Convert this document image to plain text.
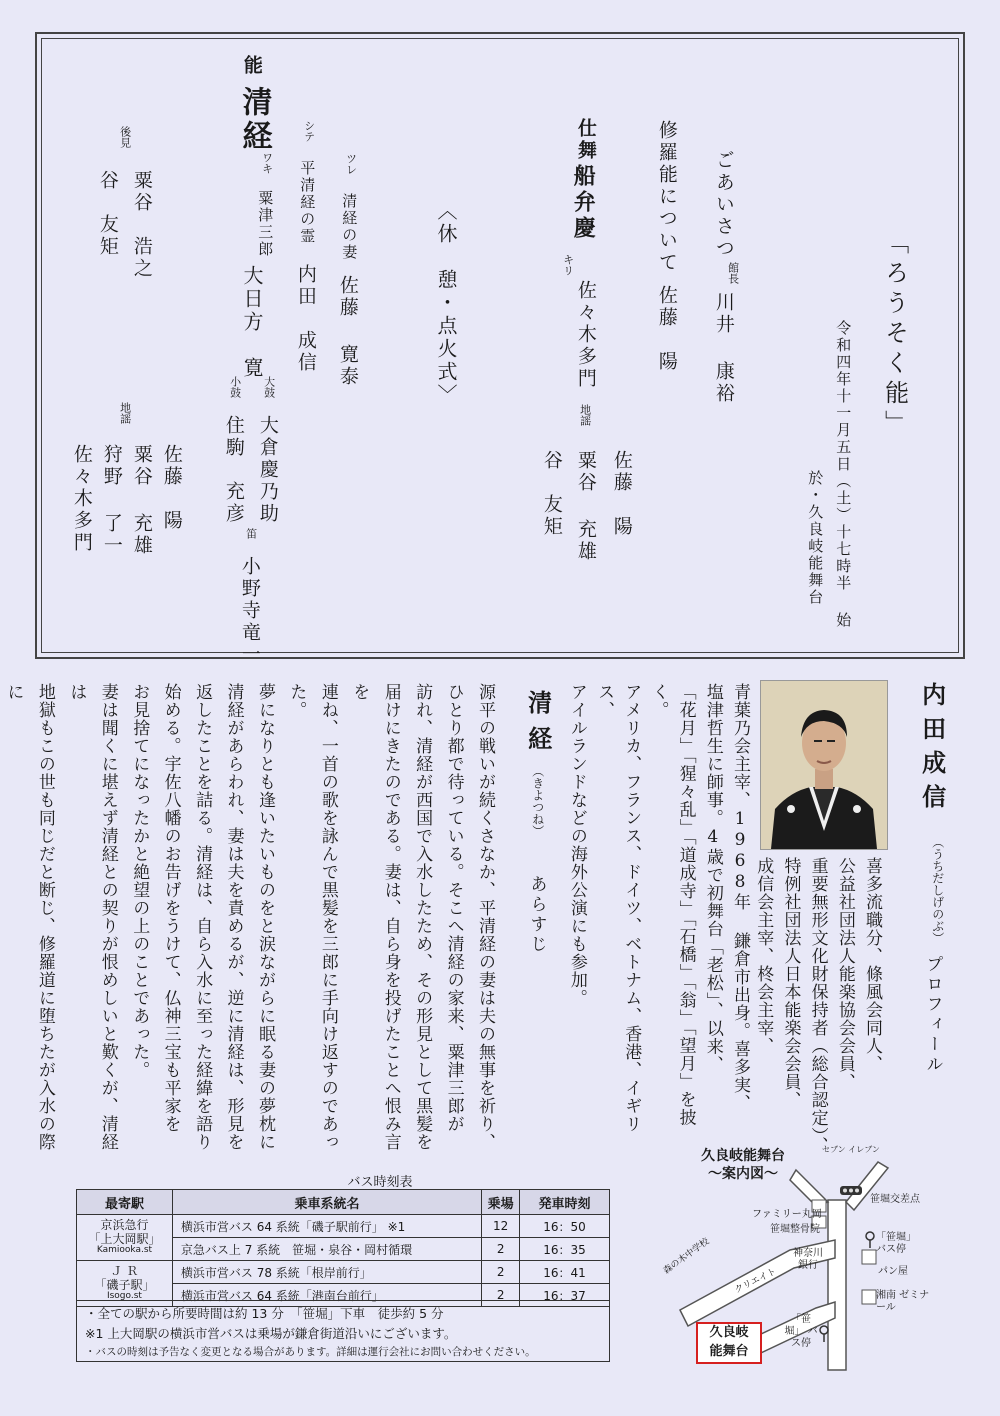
「ろうそく能」
令和四年十一月五日（土）十七時半 始
於・久良岐能舞台
ごあいさつ
館長
川井 康裕
修羅能について
佐藤　陽
仕舞
船弁慶
キリ
佐々木多門
地謡
佐藤　陽
粟谷 充雄
谷　友矩
〈休　憩・点火式〉
能
清経
ツレ
清経の妻
佐藤 寛泰
シテ
平清経の霊
内田　成信
ワキ
粟津三郎
大日方　寛
後見
粟谷　浩之
谷　友矩
大鼓
大倉慶乃助
小鼓
住駒　充彦
笛
小野寺竜一
地謡
佐藤　陽
粟谷 充雄
狩野 了一
佐々木多門
内田成信
（うちだしげのぶ）
プロフィール
喜多流職分、條風会同人、
公益社団法人能楽協会会員、
重要無形文化財保持者（総合認定）、
特例社団法人日本能楽会会員、
成信会主宰、柊会主宰、
青葉乃会主宰、1968年 鎌倉市出身。喜多実、
塩津哲生に師事。4歳で初舞台「老松」、以来、
「花月」「猩々乱」「道成寺」「石橋」「翁」「望月」を披く。
アメリカ、フランス、ドイツ、ベトナム、香港、イギリス、
アイルランドなどの海外公演にも参加。
清経
（きよつね）
あらすじ
源平の戦いが続くさなか、平清経の妻は夫の無事を祈り、
ひとり都で待っている。そこへ清経の家来、粟津三郎が
訪れ、清経が西国で入水したため、その形見として黒髪を
届けにきたのである。妻は、自ら身を投げたことへ恨み言を
連ね、一首の歌を詠んで黒髪を三郎に手向け返すのであった。
夢になりとも逢いたいものをと涙ながらに眠る妻の夢枕に
清経があらわれ、妻は夫を責めるが、逆に清経は、形見を
返したことを詰る。清経は、自ら入水に至った経緯を語り
始める。宇佐八幡のお告げをうけて、仏神三宝も平家を
お見捨てになったかと絶望の上のことであった。
妻は聞くに堪えず清経との契りが恨めしいと歎くが、清経は
地獄もこの世も同じだと断じ、修羅道に堕ちたが入水の際に
バス時刻表
最寄駅	乗車系統名	乗場	発車時刻
京浜急行
「上大岡駅」
Kamiooka.st	横浜市営バス 64 系統「磯子駅前行」 ※1	12	16：50
	京急バス上 7 系統　笹堀・泉谷・岡村循環	2	16：35
Ｊ Ｒ
「磯子駅」
Isogo.st	横浜市営バス 78 系統「根岸前行」	2	16：41
	横浜市営バス 64 系統「港南台前行」	2	16：37
・全ての駅から所要時間は約 13 分　「笹堀」下車　徒歩約 5 分
※1 上大岡駅の横浜市営バスは乗場が鎌倉街道沿いにございます。
・バスの時刻は予告なく変更となる場合があります。詳細は運行会社にお問い合わせください。
久良岐能舞台
～案内図～
セブン イレブン
笹堀交差点
ファミリー丸岡
笹堀整骨院
神奈川 銀行
「笹堀」 バス停
パン屋
湘南 ゼミナール
森の木中学校
クリエイト
「笹堀」 バス停
久良岐
能舞台
